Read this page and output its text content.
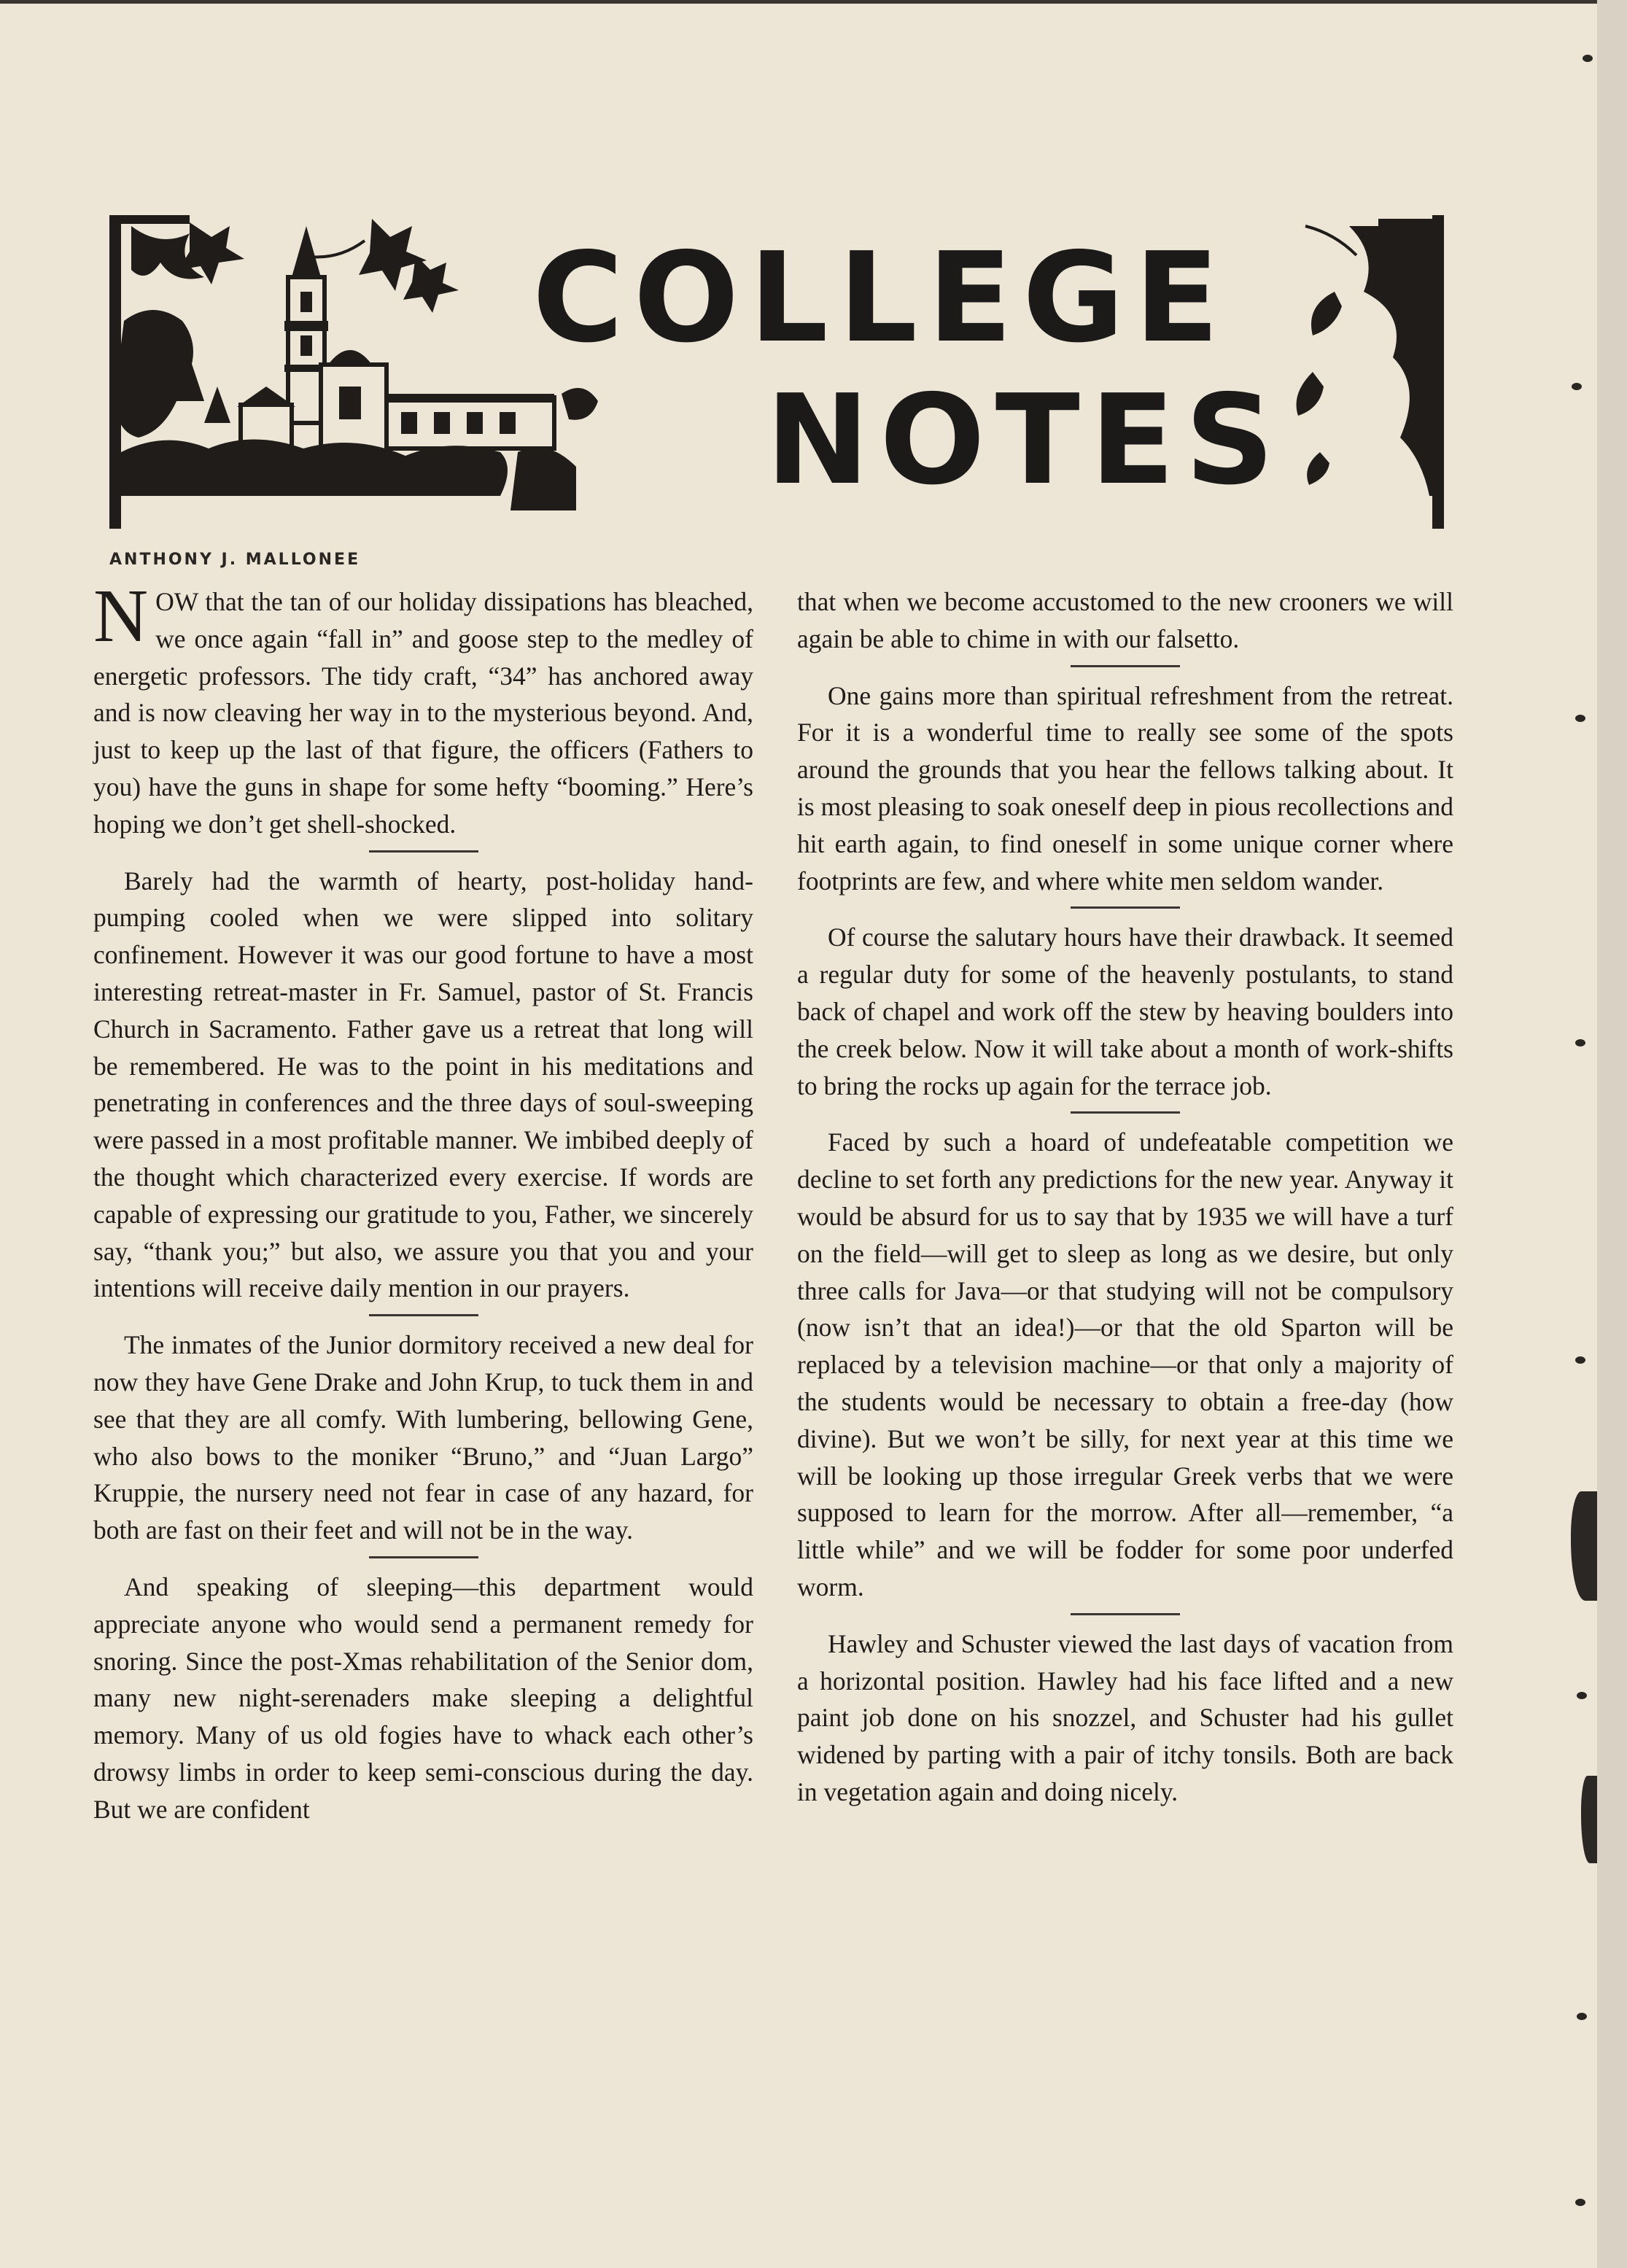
COLLEGE
NOTES
ANTHONY J. MALLONEE

NOW that the tan of our holiday dissipations has bleached, we once again “fall in” and goose step to the medley of energetic professors. The tidy craft, “34” has anchored away and is now cleaving her way in to the mysterious beyond. And, just to keep up the last of that figure, the officers (Fathers to you) have the guns in shape for some hefty “booming.” Here’s hoping we don’t get shell-shocked.

Barely had the warmth of hearty, post-holiday hand-pumping cooled when we were slipped into solitary confinement. However it was our good fortune to have a most interesting retreat-master in Fr. Samuel, pastor of St. Francis Church in Sacramento. Father gave us a retreat that long will be remembered. He was to the point in his meditations and penetrating in conferences and the three days of soul-sweeping were passed in a most profitable manner. We imbibed deeply of the thought which characterized every exercise. If words are capable of expressing our gratitude to you, Father, we sincerely say, “thank you;” but also, we assure you that you and your intentions will receive daily mention in our prayers.

The inmates of the Junior dormitory received a new deal for now they have Gene Drake and John Krup, to tuck them in and see that they are all comfy. With lumbering, bellowing Gene, who also bows to the moniker “Bruno,” and “Juan Largo” Kruppie, the nursery need not fear in case of any hazard, for both are fast on their feet and will not be in the way.

And speaking of sleeping—this department would appreciate anyone who would send a permanent remedy for snoring. Since the post-Xmas rehabilitation of the Senior dom, many new night-serenaders make sleeping a delightful memory. Many of us old fogies have to whack each other’s drowsy limbs in order to keep semi-conscious during the day. But we are confident

that when we become accustomed to the new crooners we will again be able to chime in with our falsetto.

One gains more than spiritual refreshment from the retreat. For it is a wonderful time to really see some of the spots around the grounds that you hear the fellows talking about. It is most pleasing to soak oneself deep in pious recollections and hit earth again, to find oneself in some unique corner where footprints are few, and where white men seldom wander.

Of course the salutary hours have their drawback. It seemed a regular duty for some of the heavenly postulants, to stand back of chapel and work off the stew by heaving boulders into the creek below. Now it will take about a month of work-shifts to bring the rocks up again for the terrace job.

Faced by such a hoard of undefeatable competition we decline to set forth any predictions for the new year. Anyway it would be absurd for us to say that by 1935 we will have a turf on the field—will get to sleep as long as we desire, but only three calls for Java—or that studying will not be compulsory (now isn’t that an idea!)—or that the old Sparton will be replaced by a television machine—or that only a majority of the students would be necessary to obtain a free-day (how divine). But we won’t be silly, for next year at this time we will be looking up those irregular Greek verbs that we were supposed to learn for the morrow. After all—remember, “a little while” and we will be fodder for some poor underfed worm.

Hawley and Schuster viewed the last days of vacation from a horizontal position. Hawley had his face lifted and a new paint job done on his snozzel, and Schuster had his gullet widened by parting with a pair of itchy tonsils. Both are back in vegetation again and doing nicely.
